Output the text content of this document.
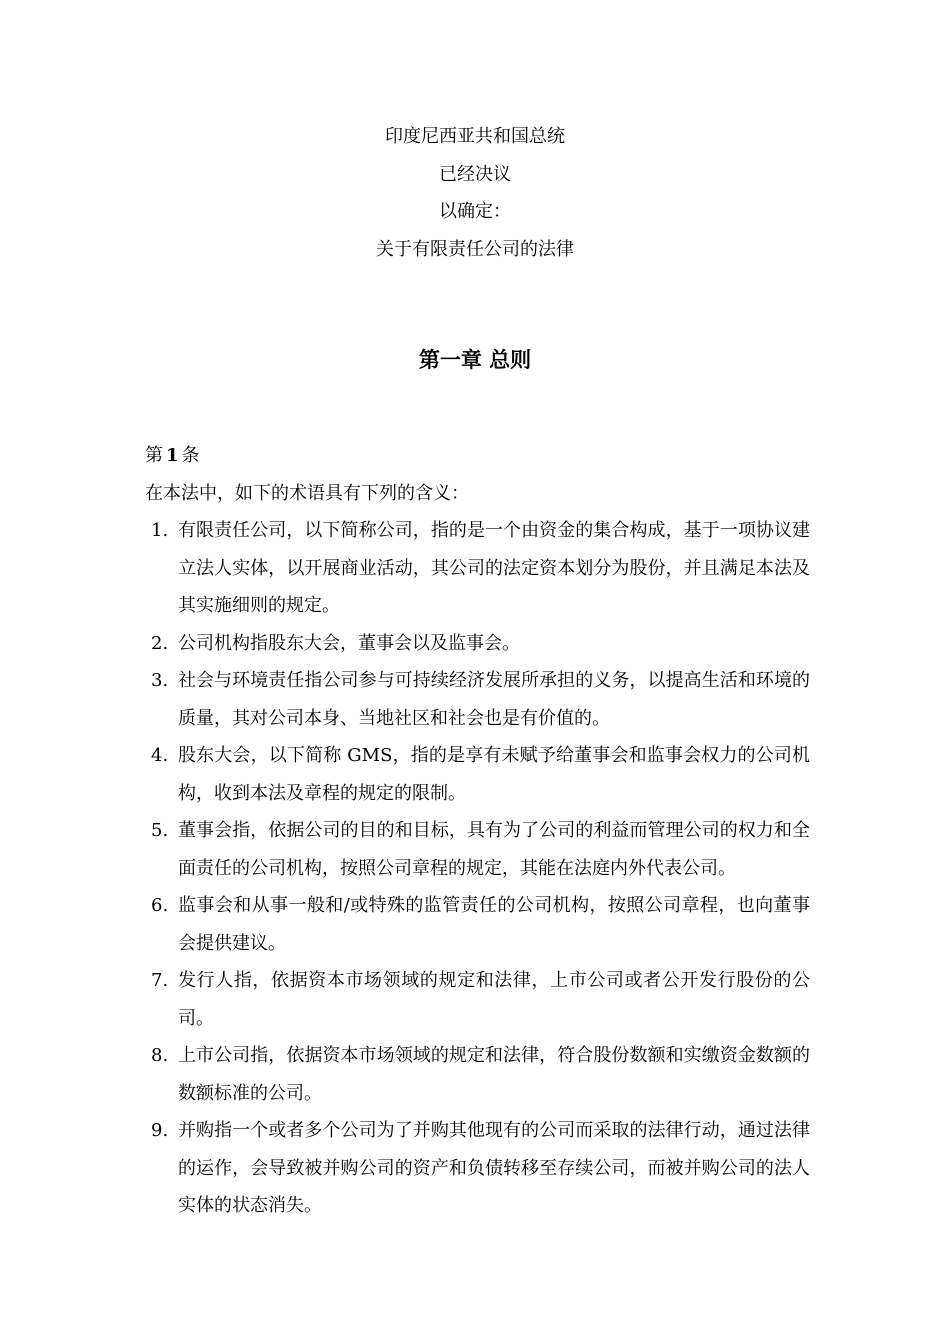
印度尼西亚共和国总统
已经决议
以确定：
关于有限责任公司的法律
第一章 总则
第 1 条
在本法中，如下的术语具有下列的含义：
1. 有限责任公司，以下简称公司，指的是一个由资金的集合构成，基于一项协议建立法人实体，以开展商业活动，其公司的法定资本划分为股份，并且满足本法及其实施细则的规定。
2. 公司机构指股东大会，董事会以及监事会。
3. 社会与环境责任指公司参与可持续经济发展所承担的义务，以提高生活和环境的质量，其对公司本身、当地社区和社会也是有价值的。
4. 股东大会，以下简称 GMS，指的是享有未赋予给董事会和监事会权力的公司机构，收到本法及章程的规定的限制。
5. 董事会指，依据公司的目的和目标，具有为了公司的利益而管理公司的权力和全面责任的公司机构，按照公司章程的规定，其能在法庭内外代表公司。
6. 监事会和从事一般和/或特殊的监管责任的公司机构，按照公司章程，也向董事会提供建议。
7. 发行人指，依据资本市场领域的规定和法律，上市公司或者公开发行股份的公司。
8. 上市公司指，依据资本市场领域的规定和法律，符合股份数额和实缴资金数额的数额标准的公司。
9. 并购指一个或者多个公司为了并购其他现有的公司而采取的法律行动，通过法律的运作，会导致被并购公司的资产和负债转移至存续公司，而被并购公司的法人实体的状态消失。
